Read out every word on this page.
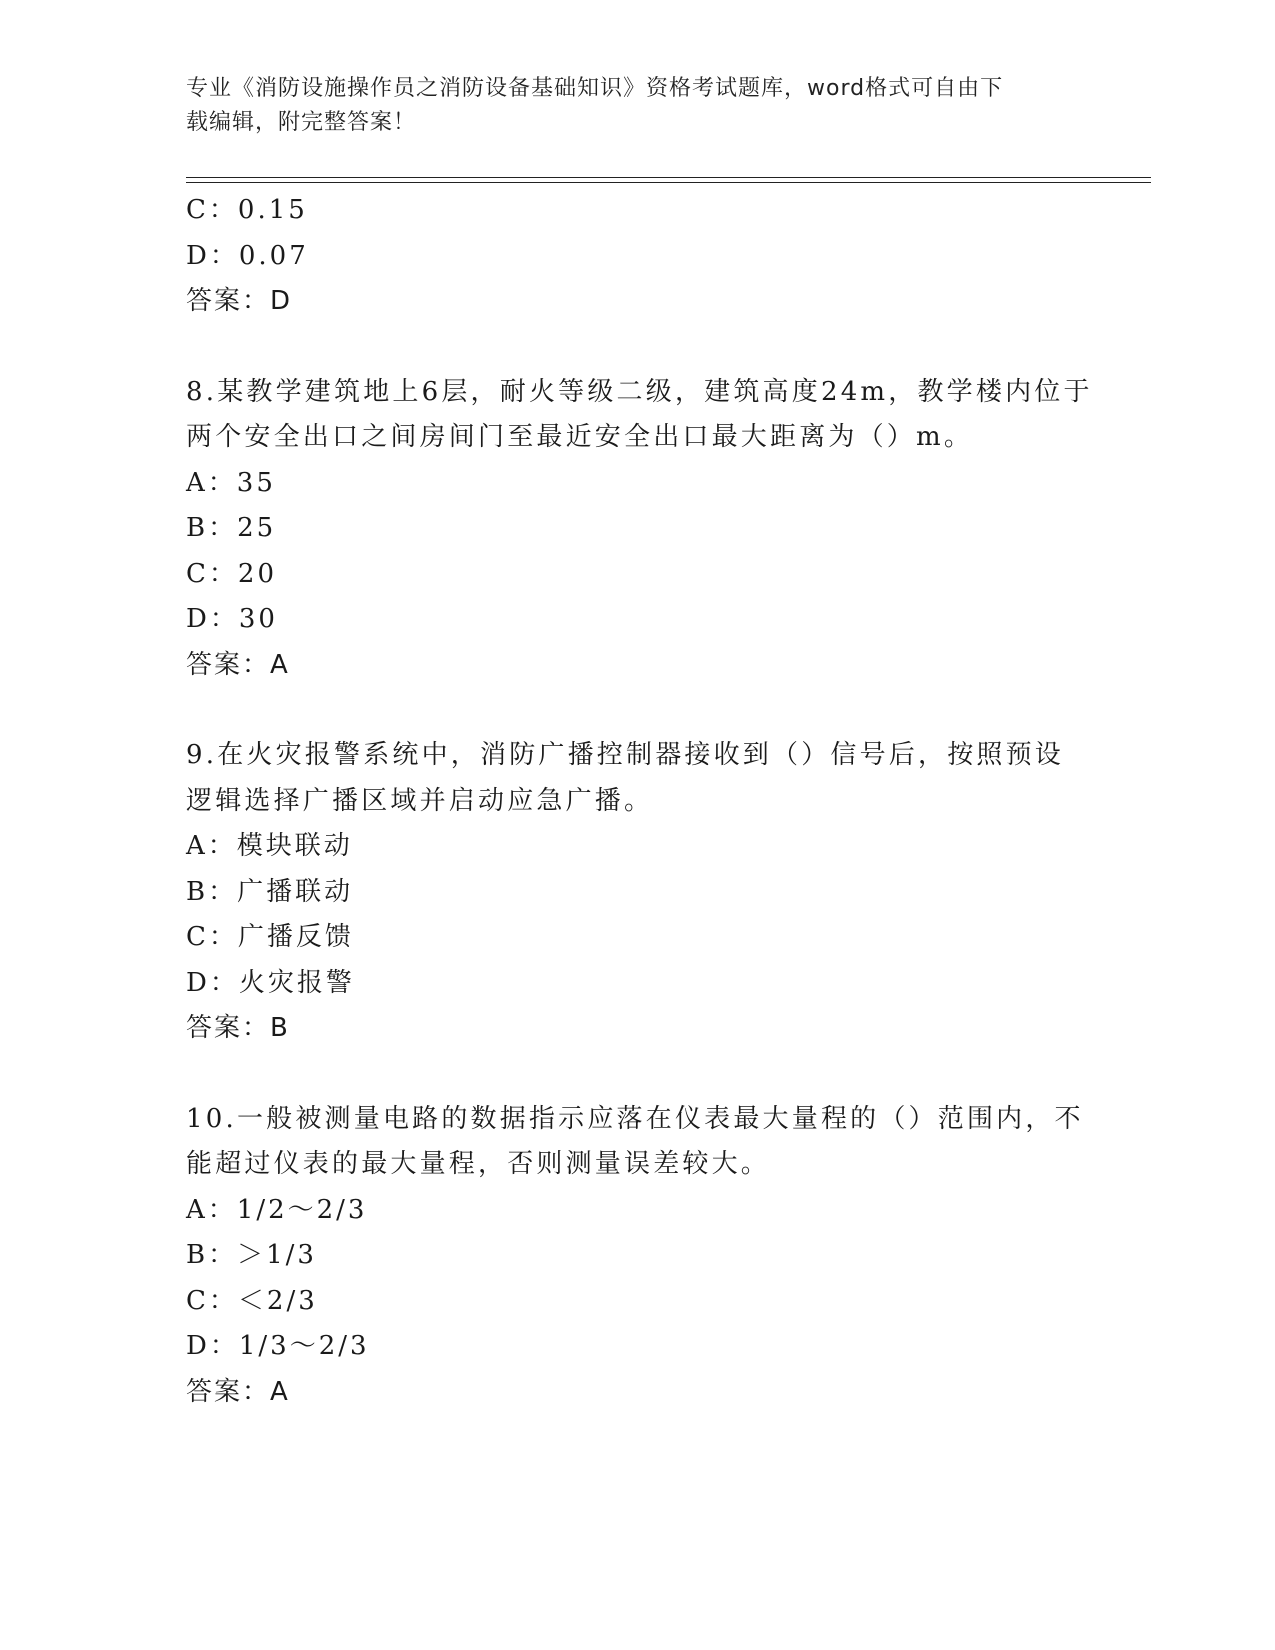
专业《消防设施操作员之消防设备基础知识》资格考试题库，word格式可自由下
载编辑，附完整答案！
C：0.15
D：0.07
答案：D
8.某教学建筑地上6层，耐火等级二级，建筑高度24m，教学楼内位于
两个安全出口之间房间门至最近安全出口最大距离为（）m。
A：35
B：25
C：20
D：30
答案：A
9.在火灾报警系统中，消防广播控制器接收到（）信号后，按照预设
逻辑选择广播区域并启动应急广播。
A：模块联动
B：广播联动
C：广播反馈
D：火灾报警
答案：B
10.一般被测量电路的数据指示应落在仪表最大量程的（）范围内，不
能超过仪表的最大量程，否则测量误差较大。
A：1/2～2/3
B：＞1/3
C：＜2/3
D：1/3～2/3
答案：A
